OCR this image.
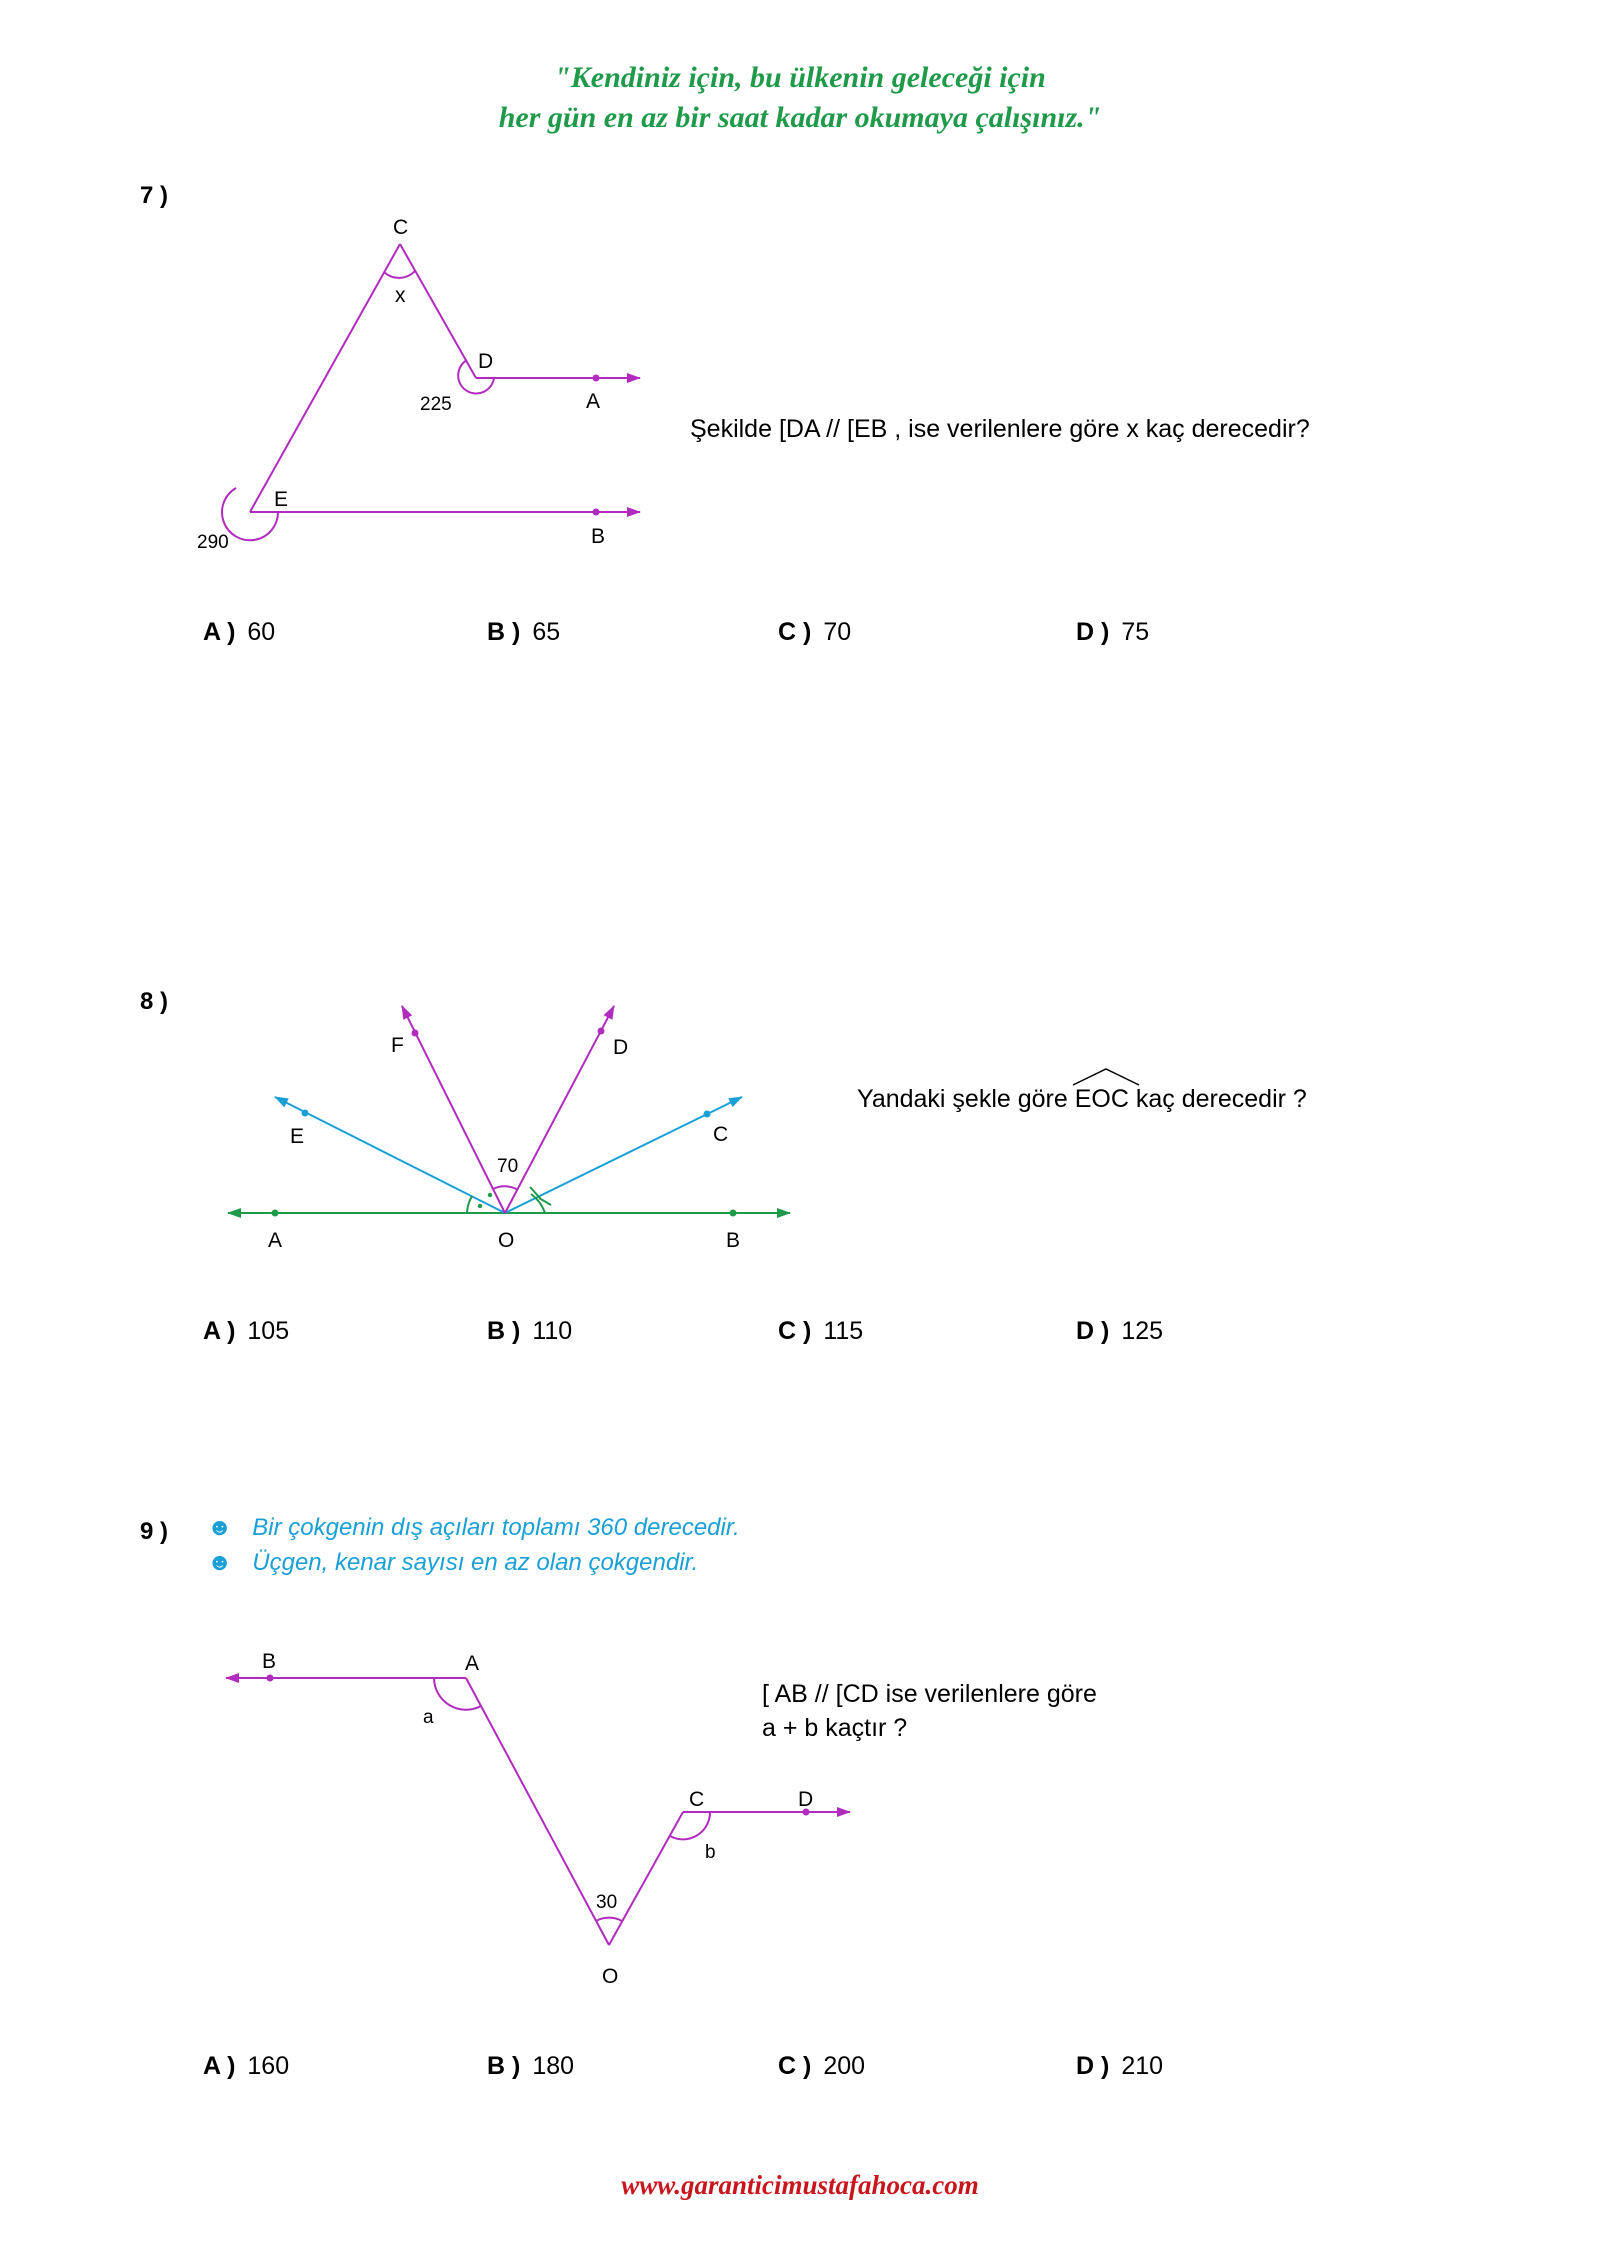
"Kendiniz için, bu ülkenin geleceği için
her gün en az bir saat kadar okumaya çalışınız."
7 )
Şekilde [DA // [EB , ise verilenlere göre x kaç derecedir?
C
x
D
225	A
E
290	B
A ) 60	B ) 65	C ) 70	D ) 75
8 )
Yandaki şekle göre EOC kaç derecedir ?
F	D
E	C
70
A	O	B
A ) 105	B ) 110	C ) 115	D ) 125
9 ) ☻ Bir çokgenin dış açıları toplamı 360 derecedir.
☻ Üçgen, kenar sayısı en az olan çokgendir.
[ AB // [CD ise verilenlere göre
a + b kaçtır ?
B	A
a
C	D
b
30
O
A ) 160	B ) 180	C ) 200	D ) 210
www.garanticimustafahoca.com
